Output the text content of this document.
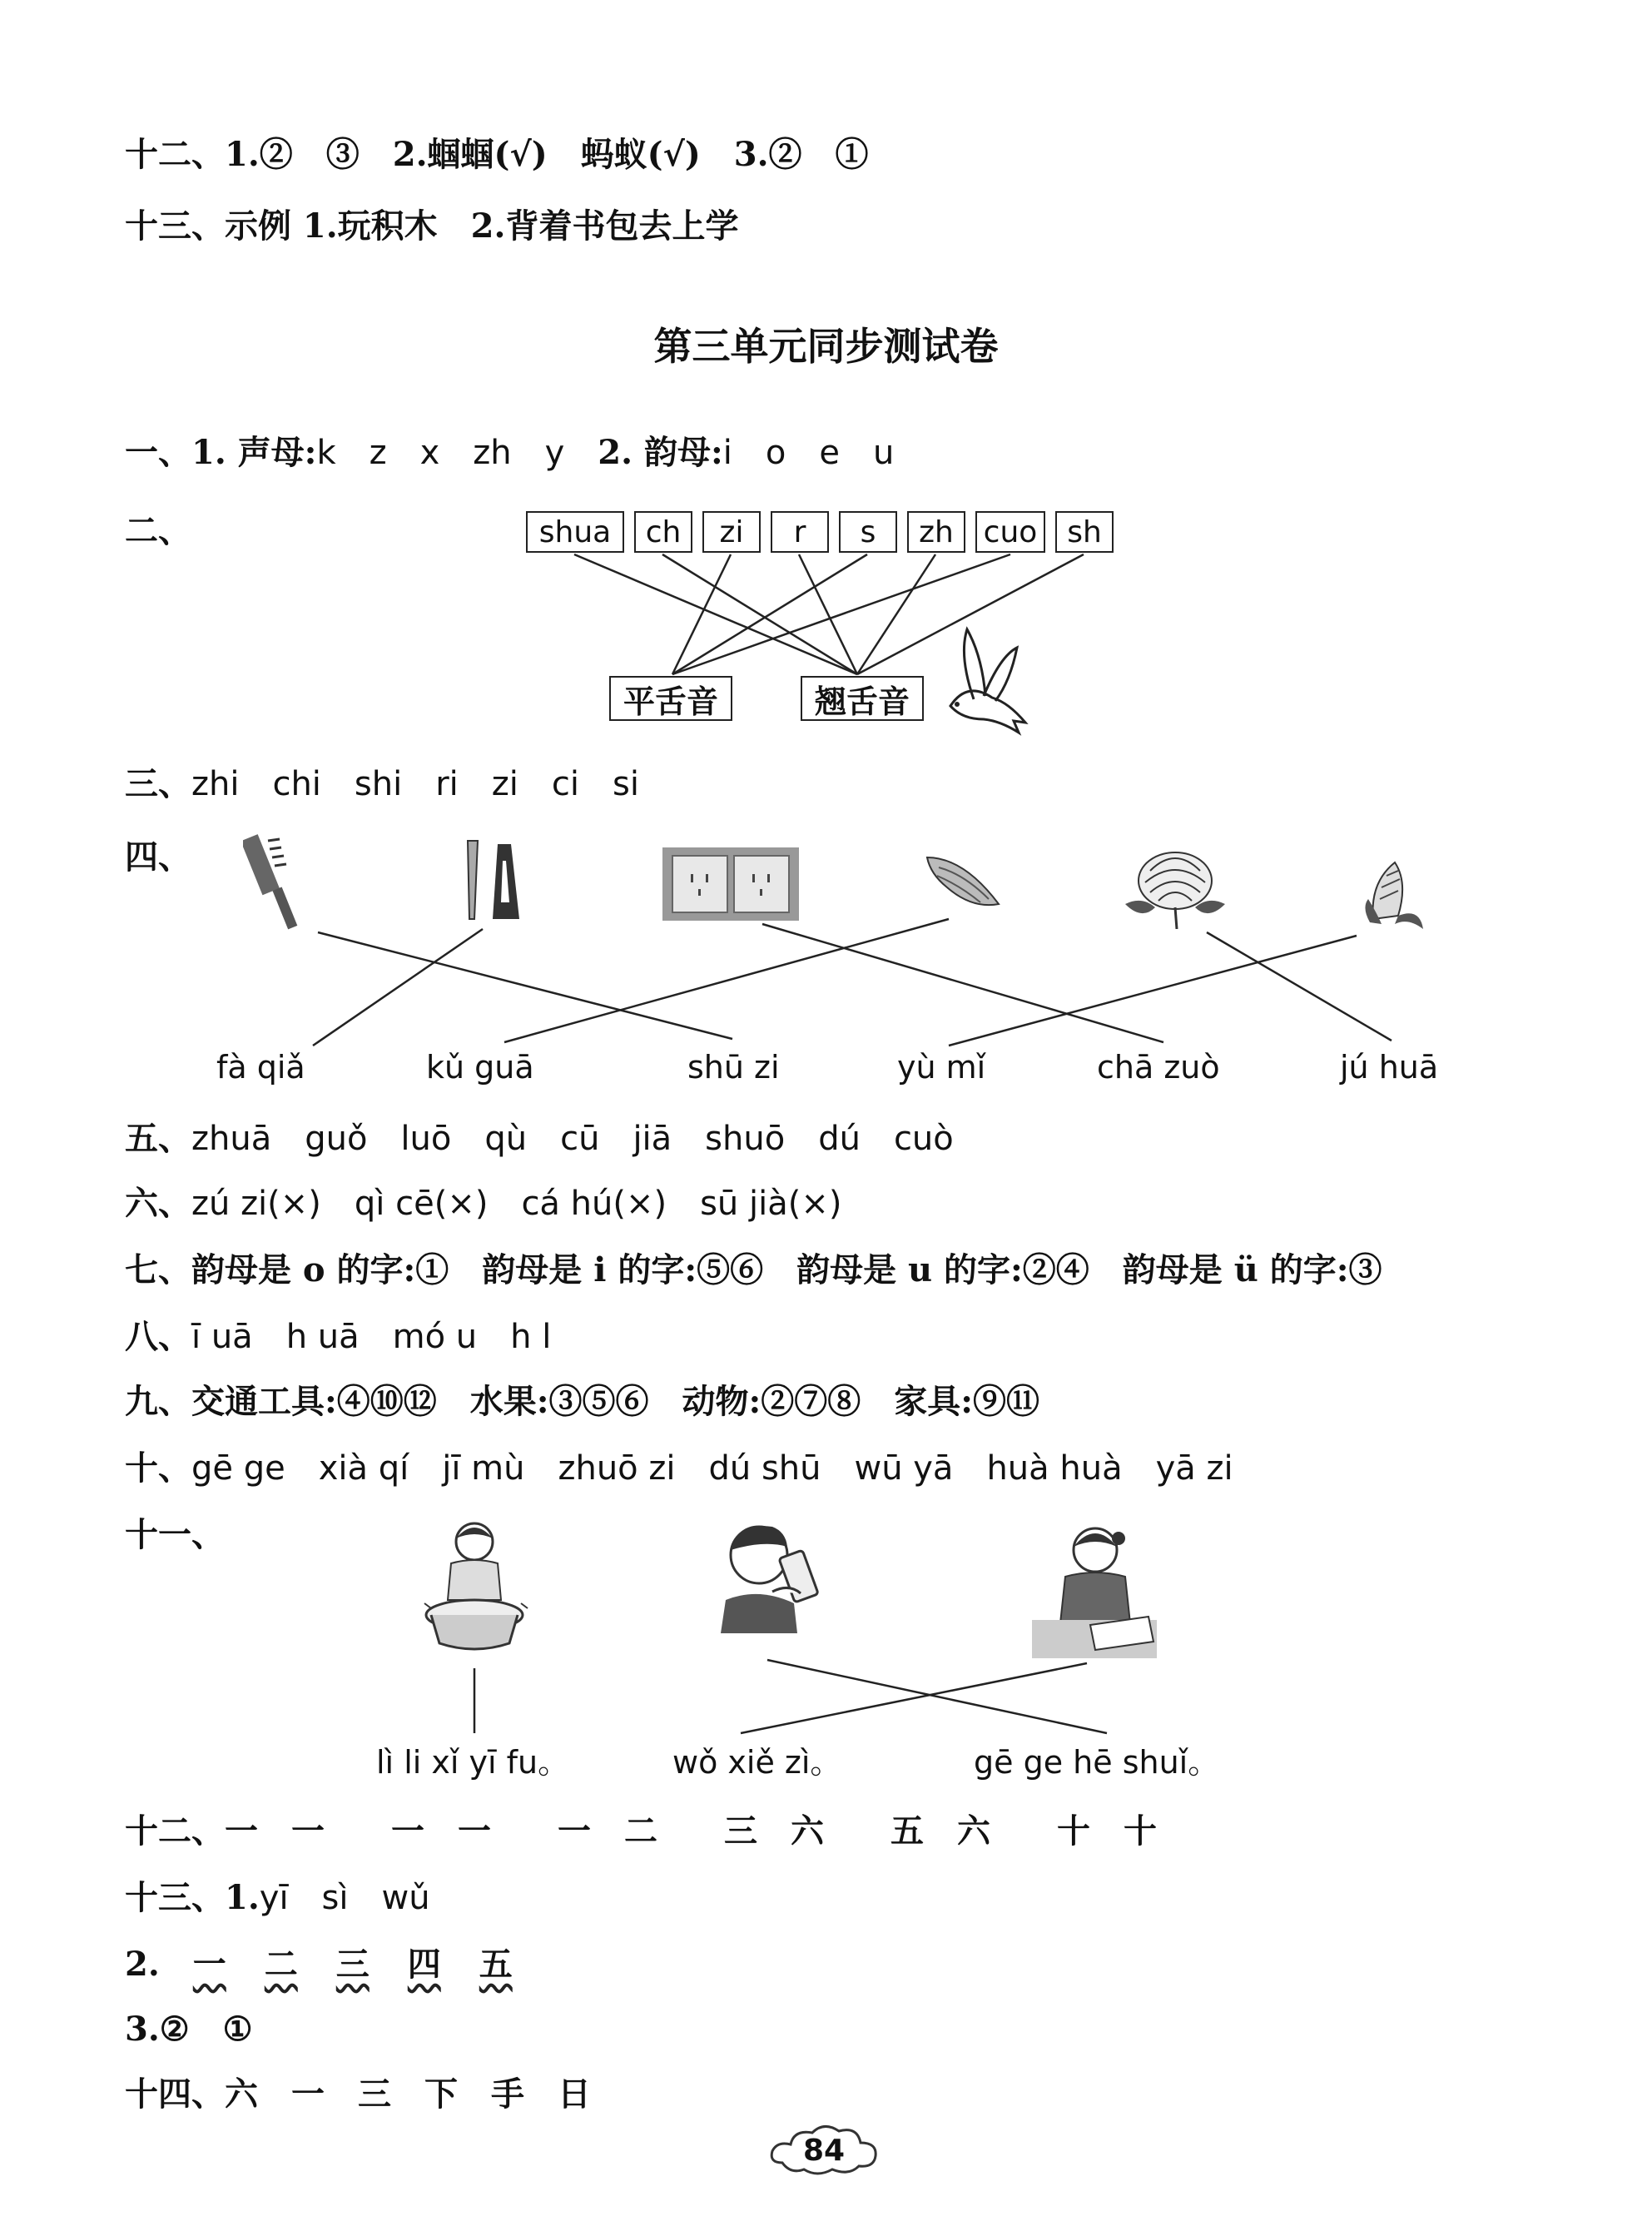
十二、1.②　③　2.蝈蝈(√)　蚂蚁(√)　3.②　①
十三、示例 1.玩积木　2.背着书包去上学
第三单元同步测试卷
一、1. 声母:k　z　x　zh　y　2. 韵母:i　o　e　u
二、	shua	ch	zi	r	s	zh cuo sh
平舌音	翘舌音
三、zhi　chi　shi　ri　zi　ci　si
四、
fà qiǎ	kǔ guā	shū zi	yù mǐ	chā zuò	jú huā
五、zhuā　guǒ　luō　qù　cū　jiā　shuō　dú　cuò
六、zú zi(×)　qì cē(×)　cá hú(×)　sū jià(×)
七、韵母是 o 的字:①　韵母是 i 的字:⑤⑥　韵母是 u 的字:②④　韵母是 ü 的字:③
八、ī uā　h uā　mó u　h l
九、交通工具:④⑩⑫　水果:③⑤⑥　动物:②⑦⑧　家具:⑨⑪
十、gē ge　xià qí　jī mù　zhuō zi　dú shū　wū yā　huà huà　yā zi
十一、
lì li xǐ yī fu。	wǒ xiě zì。	gē ge hē shuǐ。
十二、一　一　　一　一　　一　二　　三　六　　五　六　　十　十
十三、1.yī　sì　wǔ
2. 一 二 三 四 五
3.②　①
十四、六　一　三　下　手　日
84
